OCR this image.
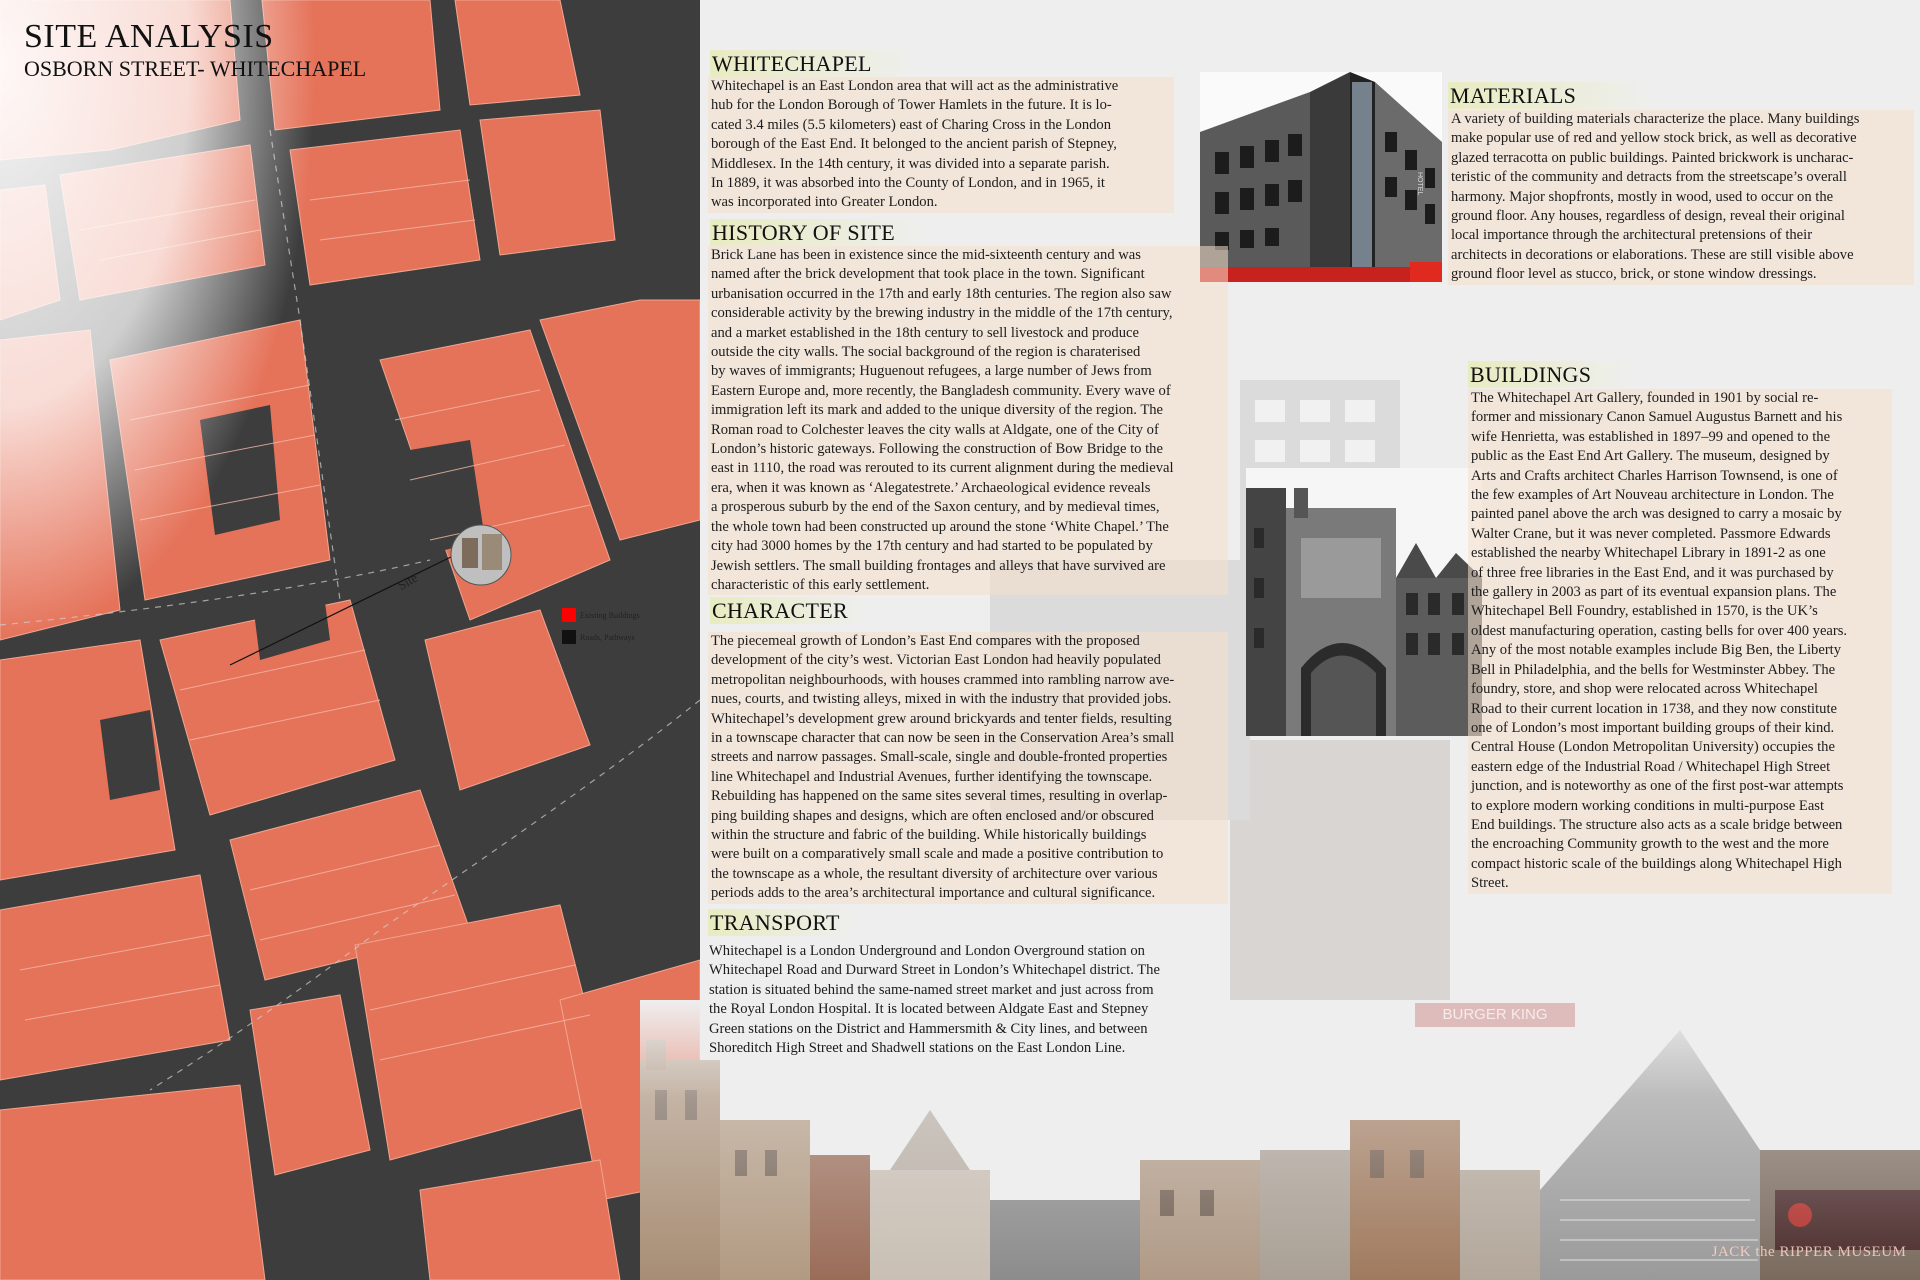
SITE ANALYSIS
OSBORN STREET- WHITECHAPEL
Site
Existing Buildings
Roads, Pathways
HOTEL
BURGER KING
JACK the RIPPER MUSEUM
WHITECHAPEL
Whitechapel is an East London area that will act as the administrative
hub for the London Borough of Tower Hamlets in the future. It is lo-
cated 3.4 miles (5.5 kilometers) east of Charing Cross in the London
borough of the East End. It belonged to the ancient parish of Stepney,
Middlesex. In the 14th century, it was divided into a separate parish.
In 1889, it was absorbed into the County of London, and in 1965, it
was incorporated into Greater London.
HISTORY OF SITE
Brick Lane has been in existence since the mid-sixteenth century and was
named after the brick development that took place in the town. Significant
urbanisation occurred in the 17th and early 18th centuries. The region also saw
considerable activity by the brewing industry in the middle of the 17th century,
and a market established in the 18th century to sell livestock and produce
outside the city walls. The social background of the region is charaterised
by waves of immigrants; Huguenout refugees, a large number of Jews from
Eastern Europe and, more recently, the Bangladesh community. Every wave of
immigration left its mark and added to the unique diversity of the region. The
Roman road to Colchester leaves the city walls at Aldgate, one of the City of
London’s historic gateways. Following the construction of Bow Bridge to the
east in 1110, the road was rerouted to its current alignment during the medieval
era, when it was known as ‘Alegatestrete.’ Archaeological evidence reveals
a prosperous suburb by the end of the Saxon century, and by medieval times,
the whole town had been constructed up around the stone ‘White Chapel.’ The
city had 3000 homes by the 17th century and had started to be populated by
Jewish settlers. The small building frontages and alleys that have survived are
characteristic of this early settlement.
CHARACTER
The piecemeal growth of London’s East End compares with the proposed
development of the city’s west. Victorian East London had heavily populated
metropolitan neighbourhoods, with houses crammed into rambling narrow ave-
nues, courts, and twisting alleys, mixed in with the industry that provided jobs.
Whitechapel’s development grew around brickyards and tenter fields, resulting
in a townscape character that can now be seen in the Conservation Area’s small
streets and narrow passages. Small-scale, single and double-fronted properties
line Whitechapel and Industrial Avenues, further identifying the townscape.
Rebuilding has happened on the same sites several times, resulting in overlap-
ping building shapes and designs, which are often enclosed and/or obscured
within the structure and fabric of the building. While historically buildings
were built on a comparatively small scale and made a positive contribution to
the townscape as a whole, the resultant diversity of architecture over various
periods adds to the area’s architectural importance and cultural significance.
TRANSPORT
Whitechapel is a London Underground and London Overground station on
Whitechapel Road and Durward Street in London’s Whitechapel district. The
station is situated behind the same-named street market and just across from
the Royal London Hospital. It is located between Aldgate East and Stepney
Green stations on the District and Hammersmith & City lines, and between
Shoreditch High Street and Shadwell stations on the East London Line.
MATERIALS
A variety of building materials characterize the place. Many buildings
make popular use of red and yellow stock brick, as well as decorative
glazed terracotta on public buildings. Painted brickwork is uncharac-
teristic of the community and detracts from the streetscape’s overall
harmony. Major shopfronts, mostly in wood, used to occur on the
ground floor. Any houses, regardless of design, reveal their original
local importance through the architectural pretensions of their
architects in decorations or elaborations. These are still visible above
ground floor level as stucco, brick, or stone window dressings.
BUILDINGS
The Whitechapel Art Gallery, founded in 1901 by social re-
former and missionary Canon Samuel Augustus Barnett and his
wife Henrietta, was established in 1897–99 and opened to the
public as the East End Art Gallery. The museum, designed by
Arts and Crafts architect Charles Harrison Townsend, is one of
the few examples of Art Nouveau architecture in London. The
painted panel above the arch was designed to carry a mosaic by
Walter Crane, but it was never completed. Passmore Edwards
established the nearby Whitechapel Library in 1891-2 as one
of three free libraries in the East End, and it was purchased by
the gallery in 2003 as part of its eventual expansion plans. The
Whitechapel Bell Foundry, established in 1570, is the UK’s
oldest manufacturing operation, casting bells for over 400 years.
Any of the most notable examples include Big Ben, the Liberty
Bell in Philadelphia, and the bells for Westminster Abbey. The
foundry, store, and shop were relocated across Whitechapel
Road to their current location in 1738, and they now constitute
one of London’s most important building groups of their kind.
Central House (London Metropolitan University) occupies the
eastern edge of the Industrial Road / Whitechapel High Street
junction, and is noteworthy as one of the first post-war attempts
to explore modern working conditions in multi-purpose East
End buildings. The structure also acts as a scale bridge between
the encroaching Community growth to the west and the more
compact historic scale of the buildings along Whitechapel High
Street.
